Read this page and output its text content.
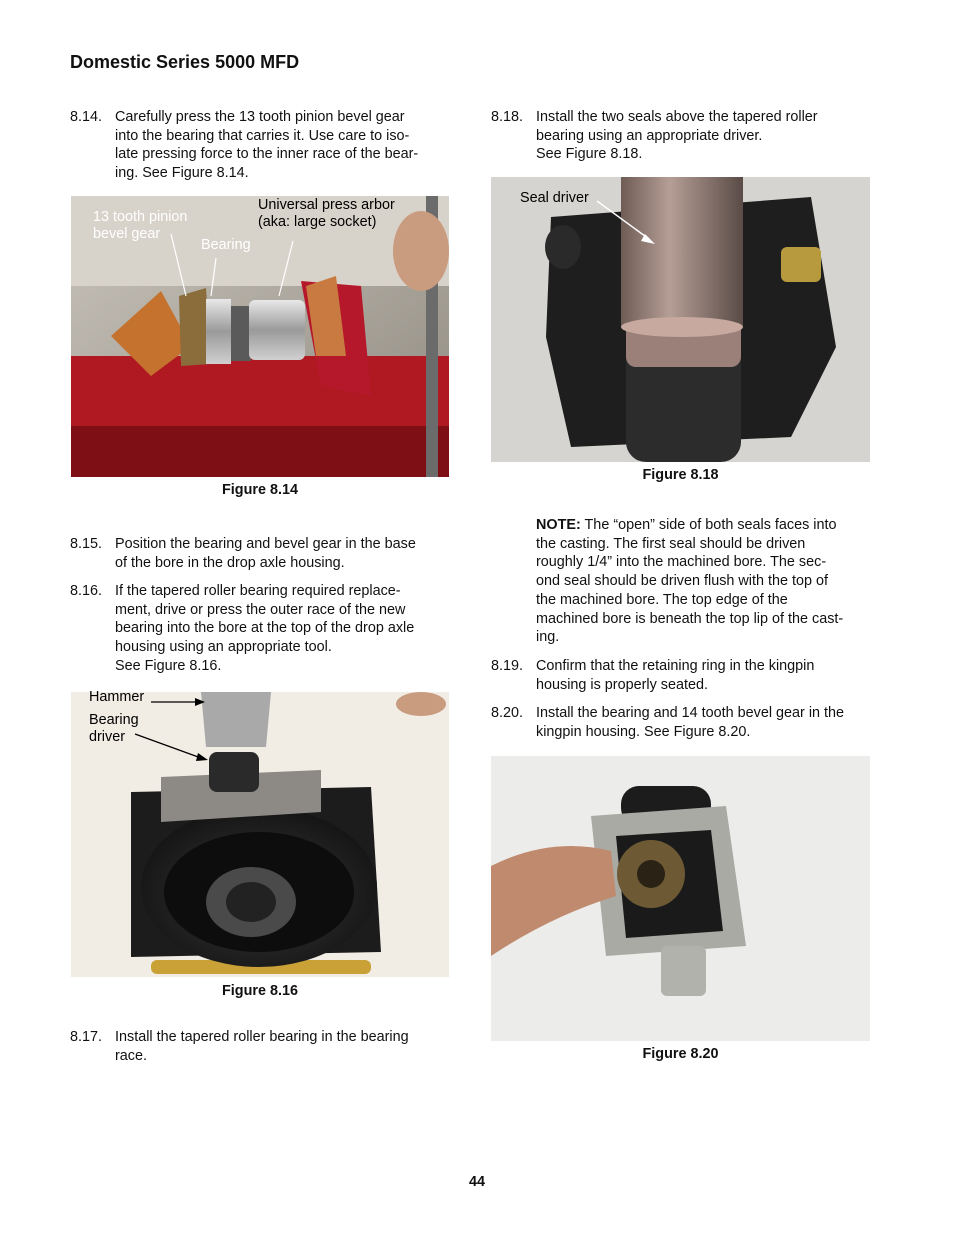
Domestic Series 5000 MFD
8.14. Carefully press the 13 tooth pinion bevel gear
into the bearing that carries it. Use care to iso-
late pressing force to the inner race of the bear-
ing. See Figure 8.14.
13 tooth pinion
bevel gear
Bearing
Universal press arbor
(aka: large socket)
Figure 8.14
8.15. Position the bearing and bevel gear in the base
of the bore in the drop axle housing.
8.16. If the tapered roller bearing required replace-
ment, drive or press the outer race of the new
bearing into the bore at the top of the drop axle
housing using an appropriate tool.
See Figure 8.16.
Hammer
Bearing
driver
Figure 8.16
8.17. Install the tapered roller bearing in the bearing
race.
8.18. Install the two seals above the tapered roller
bearing using an appropriate driver.
See Figure 8.18.
Seal driver
Figure 8.18
NOTE: The “open” side of both seals faces into
the casting. The first seal should be driven
roughly 1/4” into the machined bore. The sec-
ond seal should be driven flush with the top of
the machined bore. The top edge of the
machined bore is beneath the top lip of the cast-
ing.
8.19. Confirm that the retaining ring in the kingpin
housing is properly seated.
8.20. Install the bearing and 14 tooth bevel gear in the
kingpin housing. See Figure 8.20.
Figure 8.20
44
